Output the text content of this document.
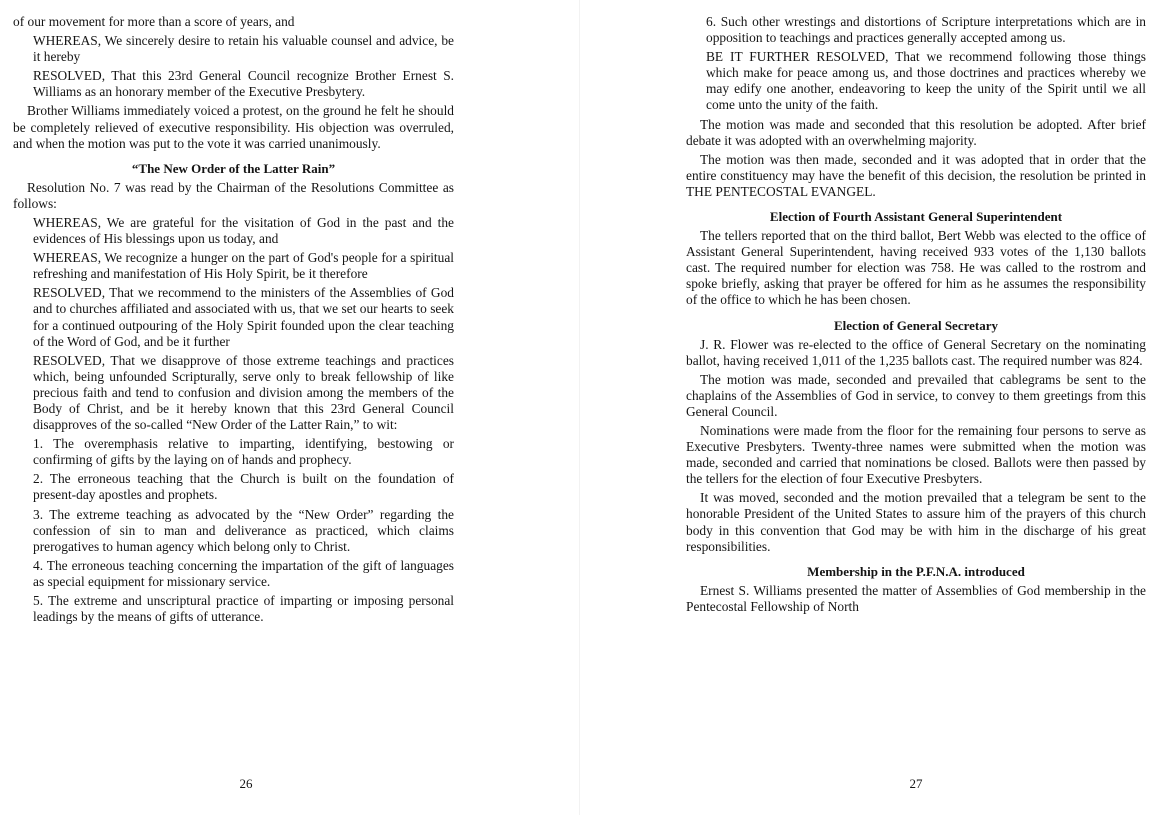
of our movement for more than a score of years, and

WHEREAS, We sincerely desire to retain his valuable counsel and advice, be it hereby

RESOLVED, That this 23rd General Council recognize Brother Ernest S. Williams as an honorary member of the Executive Presbytery.

Brother Williams immediately voiced a protest, on the ground he felt he should be completely relieved of executive responsibility. His objection was overruled, and when the motion was put to the vote it was carried unanimously.

“The New Order of the Latter Rain”

Resolution No. 7 was read by the Chairman of the Resolutions Committee as follows:

WHEREAS, We are grateful for the visitation of God in the past and the evidences of His blessings upon us today, and

WHEREAS, We recognize a hunger on the part of God's people for a spiritual refreshing and manifestation of His Holy Spirit, be it therefore

RESOLVED, That we recommend to the ministers of the Assemblies of God and to churches affiliated and associated with us, that we set our hearts to seek for a continued outpouring of the Holy Spirit founded upon the clear teaching of the Word of God, and be it further

RESOLVED, That we disapprove of those extreme teachings and practices which, being unfounded Scripturally, serve only to break fellowship of like precious faith and tend to confusion and division among the members of the Body of Christ, and be it hereby known that this 23rd General Council disapproves of the so-called “New Order of the Latter Rain,” to wit:

1. The overemphasis relative to imparting, identifying, bestowing or confirming of gifts by the laying on of hands and prophecy.

2. The erroneous teaching that the Church is built on the foundation of present-day apostles and prophets.

3. The extreme teaching as advocated by the “New Order” regarding the confession of sin to man and deliverance as practiced, which claims prerogatives to human agency which belong only to Christ.

4. The erroneous teaching concerning the impartation of the gift of languages as special equipment for missionary service.

5. The extreme and unscriptural practice of imparting or imposing personal leadings by the means of gifts of utterance.

26

6. Such other wrestings and distortions of Scripture interpretations which are in opposition to teachings and practices generally accepted among us.

BE IT FURTHER RESOLVED, That we recommend following those things which make for peace among us, and those doctrines and practices whereby we may edify one another, endeavoring to keep the unity of the Spirit until we all come unto the unity of the faith.

The motion was made and seconded that this resolution be adopted. After brief debate it was adopted with an overwhelming majority.

The motion was then made, seconded and it was adopted that in order that the entire constituency may have the benefit of this decision, the resolution be printed in THE PENTECOSTAL EVANGEL.

Election of Fourth Assistant General Superintendent

The tellers reported that on the third ballot, Bert Webb was elected to the office of Assistant General Superintendent, having received 933 votes of the 1,130 ballots cast. The required number for election was 758. He was called to the rostrom and spoke briefly, asking that prayer be offered for him as he assumes the responsibility of the office to which he has been chosen.

Election of General Secretary

J. R. Flower was re-elected to the office of General Secretary on the nominating ballot, having received 1,011 of the 1,235 ballots cast. The required number was 824.

The motion was made, seconded and prevailed that cablegrams be sent to the chaplains of the Assemblies of God in service, to convey to them greetings from this General Council.

Nominations were made from the floor for the remaining four persons to serve as Executive Presbyters. Twenty-three names were submitted when the motion was made, seconded and carried that nominations be closed. Ballots were then passed by the tellers for the election of four Executive Presbyters.

It was moved, seconded and the motion prevailed that a telegram be sent to the honorable President of the United States to assure him of the prayers of this church body in this convention that God may be with him in the discharge of his great responsibilities.

Membership in the P.F.N.A. introduced

Ernest S. Williams presented the matter of Assemblies of God membership in the Pentecostal Fellowship of North

27
